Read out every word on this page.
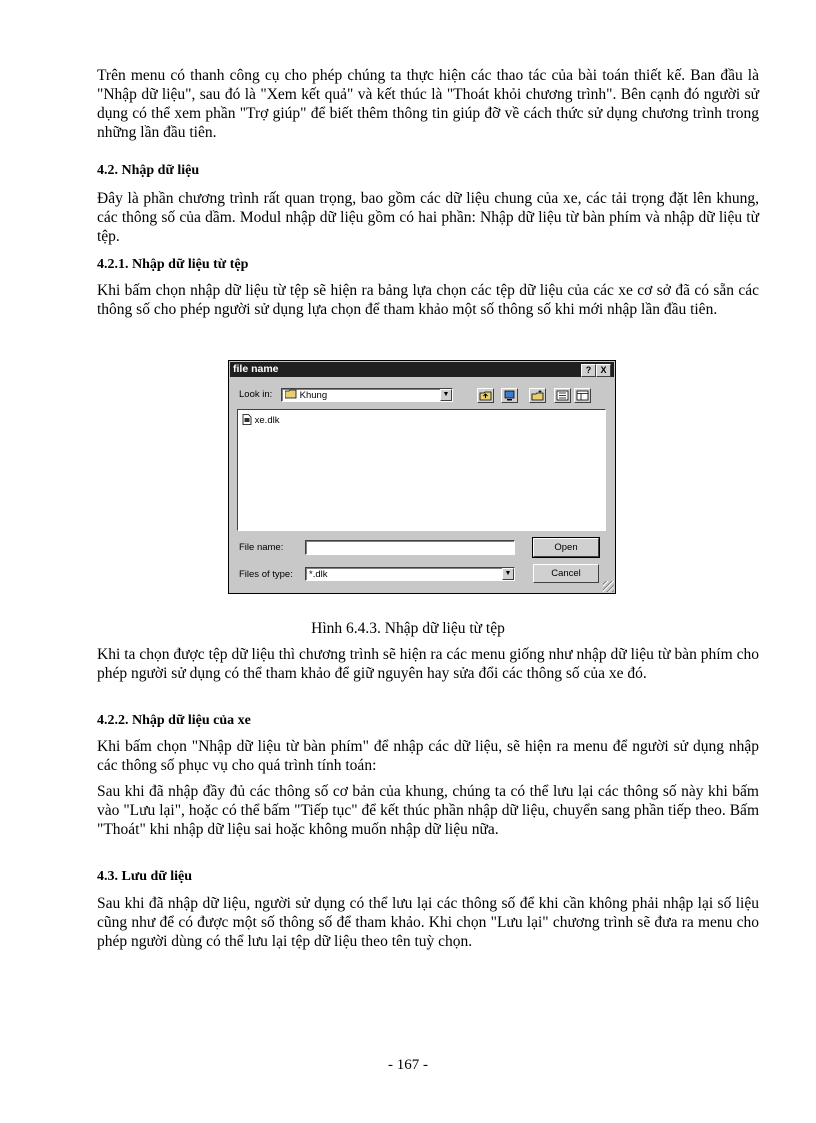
Trên menu có thanh công cụ cho phép chúng ta thực hiện các thao tác của bài toán thiết kế. Ban đầu là "Nhập dữ liệu", sau đó là "Xem kết quả" và kết thúc là "Thoát khỏi chương trình". Bên cạnh đó người sử dụng có thể xem phần "Trợ giúp" để biết thêm thông tin giúp đỡ về cách thức sử dụng chương trình trong những lần đầu tiên.

4.2. Nhập dữ liệu

Đây là phần chương trình rất quan trọng, bao gồm các dữ liệu chung của xe, các tải trọng đặt lên khung, các thông số của dầm. Modul nhập dữ liệu gồm có hai phần: Nhập dữ liệu từ bàn phím và nhập dữ liệu từ tệp.

4.2.1. Nhập dữ liệu từ tệp

Khi bấm chọn nhập dữ liệu từ tệp sẽ hiện ra bảng lựa chọn các tệp dữ liệu của các xe cơ sở đã có sẵn các thông số cho phép người sử dụng lựa chọn để tham khảo một số thông số khi mới nhập lần đầu tiên.

file name	?	X
Look in:	Khung	▼
xe.dlk
File name:
Files of type:	*.dlk	▼
Open
Cancel
Hình 6.4.3. Nhập dữ liệu từ tệp

Khi ta chọn được tệp dữ liệu thì chương trình sẽ hiện ra các menu giống như nhập dữ liệu từ bàn phím cho phép người sử dụng có thể tham khảo để giữ nguyên hay sửa đổi các thông số của xe đó.

4.2.2. Nhập dữ liệu của xe

Khi bấm chọn "Nhập dữ liệu từ bàn phím" để nhập các dữ liệu, sẽ hiện ra menu để người sử dụng nhập các thông số phục vụ cho quá trình tính toán:

Sau khi đã nhập đầy đủ các thông số cơ bản của khung, chúng ta có thể lưu lại các thông số này khi bấm vào "Lưu lại", hoặc có thể bấm "Tiếp tục" để kết thúc phần nhập dữ liệu, chuyển sang phần tiếp theo. Bấm "Thoát" khi nhập dữ liệu sai hoặc không muốn nhập dữ liệu nữa.

4.3. Lưu dữ liệu

Sau khi đã nhập dữ liệu, người sử dụng có thể lưu lại các thông số để khi cần không phải nhập lại số liệu cũng như để có được một số thông số để tham khảo. Khi chọn "Lưu lại" chương trình sẽ đưa ra menu cho phép người dùng có thể lưu lại tệp dữ liệu theo tên tuỳ chọn.

- 167 -
